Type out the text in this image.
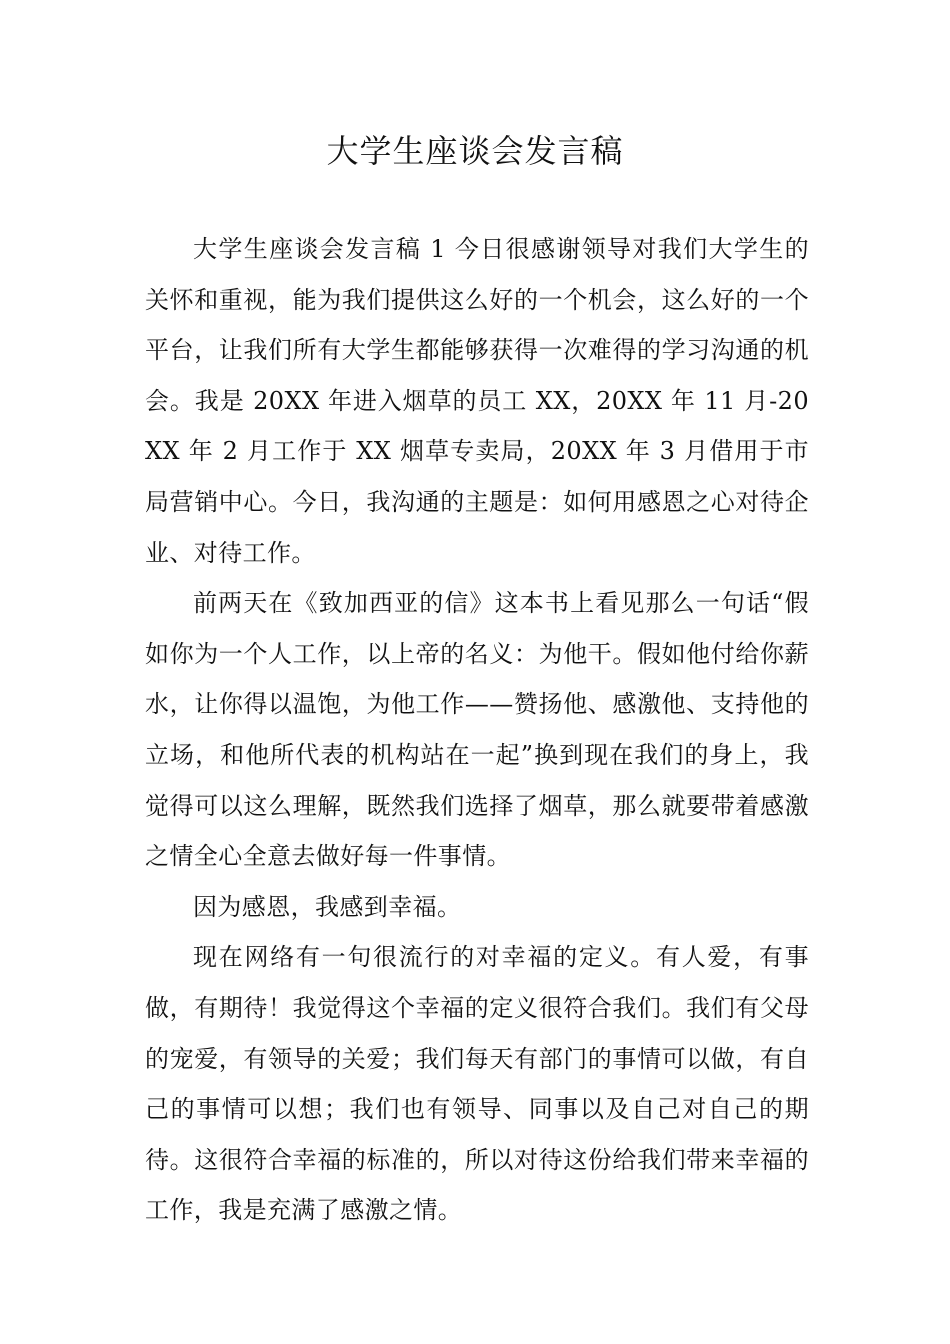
大学生座谈会发言稿

大学生座谈会发言稿 1 今日很感谢领导对我们大学生的关怀和重视，能为我们提供这么好的一个机会，这么好的一个平台，让我们所有大学生都能够获得一次难得的学习沟通的机会。我是 20XX 年进入烟草的员工 XX，20XX 年 11 月-20XX 年 2 月工作于 XX 烟草专卖局，20XX 年 3 月借用于市局营销中心。今日，我沟通的主题是：如何用感恩之心对待企业、对待工作。

前两天在《致加西亚的信》这本书上看见那么一句话“假如你为一个人工作，以上帝的名义：为他干。假如他付给你薪水，让你得以温饱，为他工作——赞扬他、感激他、支持他的立场，和他所代表的机构站在一起”换到现在我们的身上，我觉得可以这么理解，既然我们选择了烟草，那么就要带着感激之情全心全意去做好每一件事情。

因为感恩，我感到幸福。

现在网络有一句很流行的对幸福的定义。有人爱，有事做，有期待！我觉得这个幸福的定义很符合我们。我们有父母的宠爱，有领导的关爱；我们每天有部门的事情可以做，有自己的事情可以想；我们也有领导、同事以及自己对自己的期待。这很符合幸福的标准的，所以对待这份给我们带来幸福的工作，我是充满了感激之情。
